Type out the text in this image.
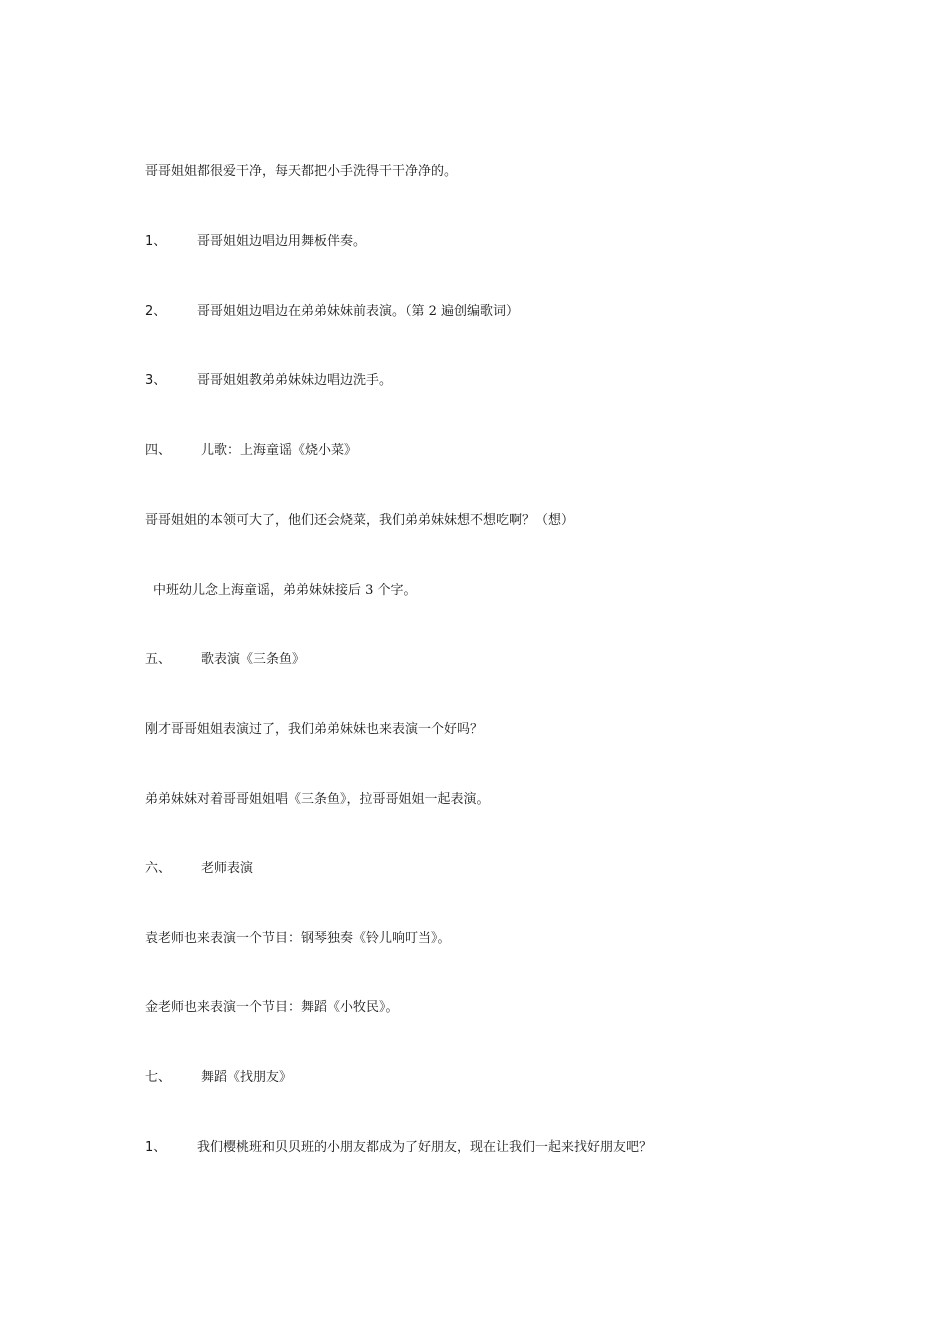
哥哥姐姐都很爱干净，每天都把小手洗得干干净净的。
1、 哥哥姐姐边唱边用舞板伴奏。
2、 哥哥姐姐边唱边在弟弟妹妹前表演。（第 2 遍创编歌词）
3、 哥哥姐姐教弟弟妹妹边唱边洗手。
四、 儿歌：上海童谣《烧小菜》
哥哥姐姐的本领可大了，他们还会烧菜，我们弟弟妹妹想不想吃啊？（想）
中班幼儿念上海童谣，弟弟妹妹接后 3 个字。
五、 歌表演《三条鱼》
刚才哥哥姐姐表演过了，我们弟弟妹妹也来表演一个好吗？
弟弟妹妹对着哥哥姐姐唱《三条鱼》，拉哥哥姐姐一起表演。
六、 老师表演
袁老师也来表演一个节目：钢琴独奏《铃儿响叮当》。
金老师也来表演一个节目：舞蹈《小牧民》。
七、 舞蹈《找朋友》
1、 我们樱桃班和贝贝班的小朋友都成为了好朋友，现在让我们一起来找好朋友吧？
